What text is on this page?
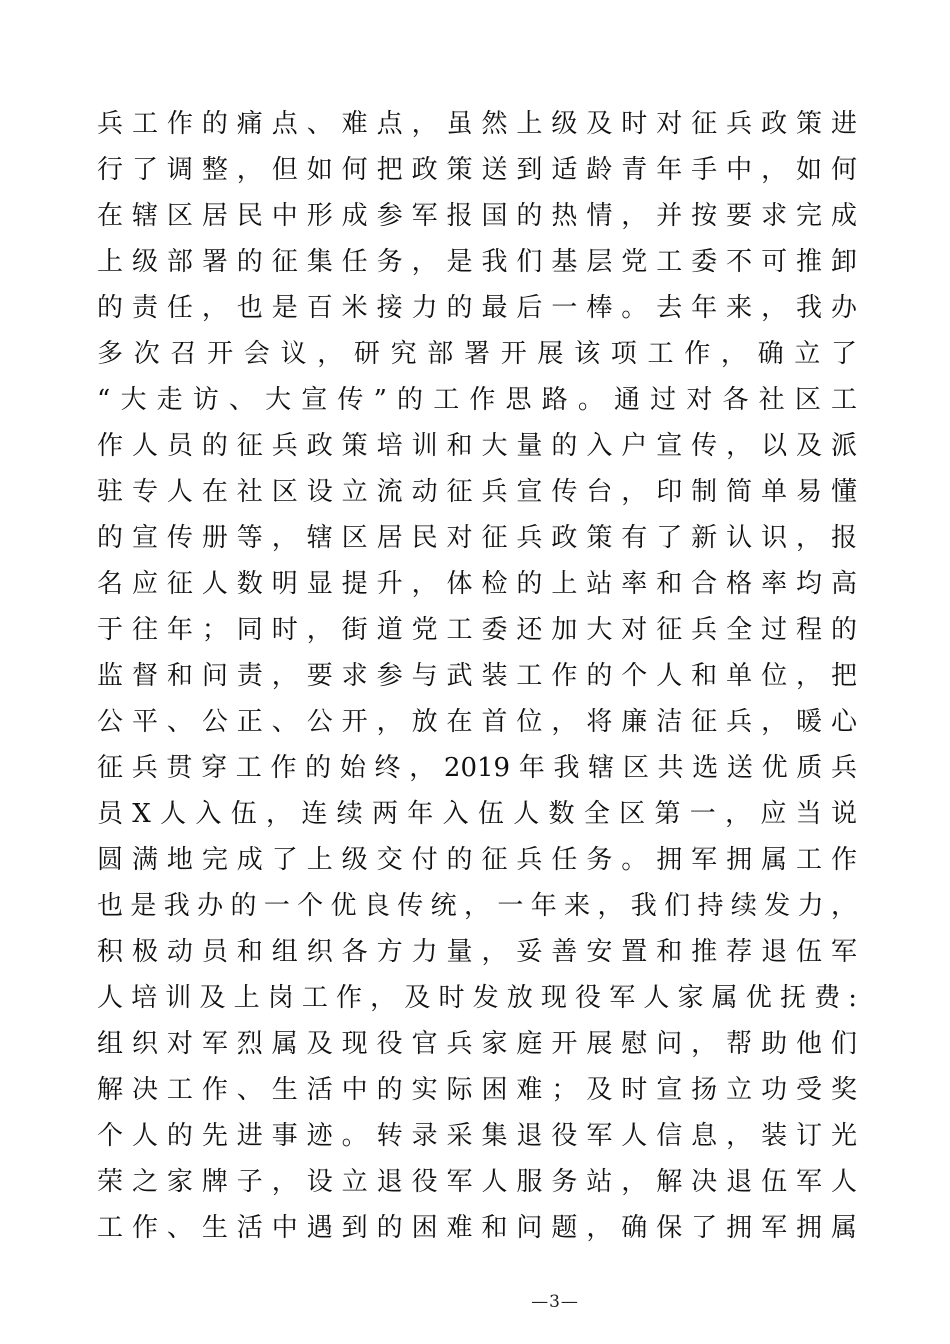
兵工作的痛点、难点，虽然上级及时对征兵政策进
行了调整，但如何把政策送到适龄青年手中，如何
在辖区居民中形成参军报国的热情，并按要求完成
上级部署的征集任务，是我们基层党工委不可推卸
的责任，也是百米接力的最后一棒。去年来，我办
多次召开会议，研究部署开展该项工作，确立了
“大走访、大宣传”的工作思路。通过对各社区工
作人员的征兵政策培训和大量的入户宣传，以及派
驻专人在社区设立流动征兵宣传台，印制简单易懂
的宣传册等，辖区居民对征兵政策有了新认识，报
名应征人数明显提升，体检的上站率和合格率均高
于往年；同时，街道党工委还加大对征兵全过程的
监督和问责，要求参与武装工作的个人和单位，把
公平、公正、公开，放在首位，将廉洁征兵，暖心
征兵贯穿工作的始终，2019年我辖区共选送优质兵
员X人入伍，连续两年入伍人数全区第一，应当说
圆满地完成了上级交付的征兵任务。拥军拥属工作
也是我办的一个优良传统，一年来，我们持续发力，
积极动员和组织各方力量，妥善安置和推荐退伍军
人培训及上岗工作，及时发放现役军人家属优抚费:
组织对军烈属及现役官兵家庭开展慰问，帮助他们
解决工作、生活中的实际困难；及时宣扬立功受奖
个人的先进事迹。转录采集退役军人信息，装订光
荣之家牌子，设立退役军人服务站，解决退伍军人
工作、生活中遇到的困难和问题，确保了拥军拥属
—3—
